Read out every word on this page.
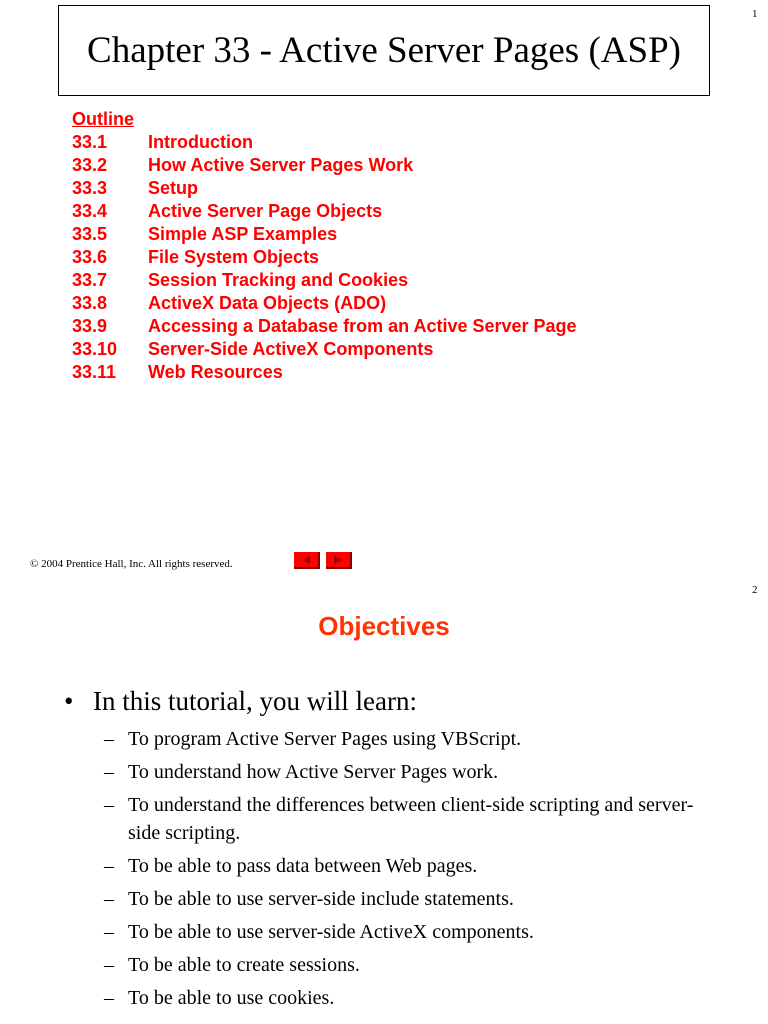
1
Chapter 33 - Active Server Pages (ASP)
Outline
33.1 Introduction
33.2 How Active Server Pages Work
33.3 Setup
33.4 Active Server Page Objects
33.5 Simple ASP Examples
33.6 File System Objects
33.7 Session Tracking and Cookies
33.8 ActiveX Data Objects (ADO)
33.9 Accessing a Database from an Active Server Page
33.10 Server-Side ActiveX Components
33.11 Web Resources
© 2004 Prentice Hall, Inc. All rights reserved.
2
Objectives
• In this tutorial, you will learn:
– To program Active Server Pages using VBScript.
– To understand how Active Server Pages work.
– To understand the differences between client-side scripting and server-side scripting.
– To be able to pass data between Web pages.
– To be able to use server-side include statements.
– To be able to use server-side ActiveX components.
– To be able to create sessions.
– To be able to use cookies.
